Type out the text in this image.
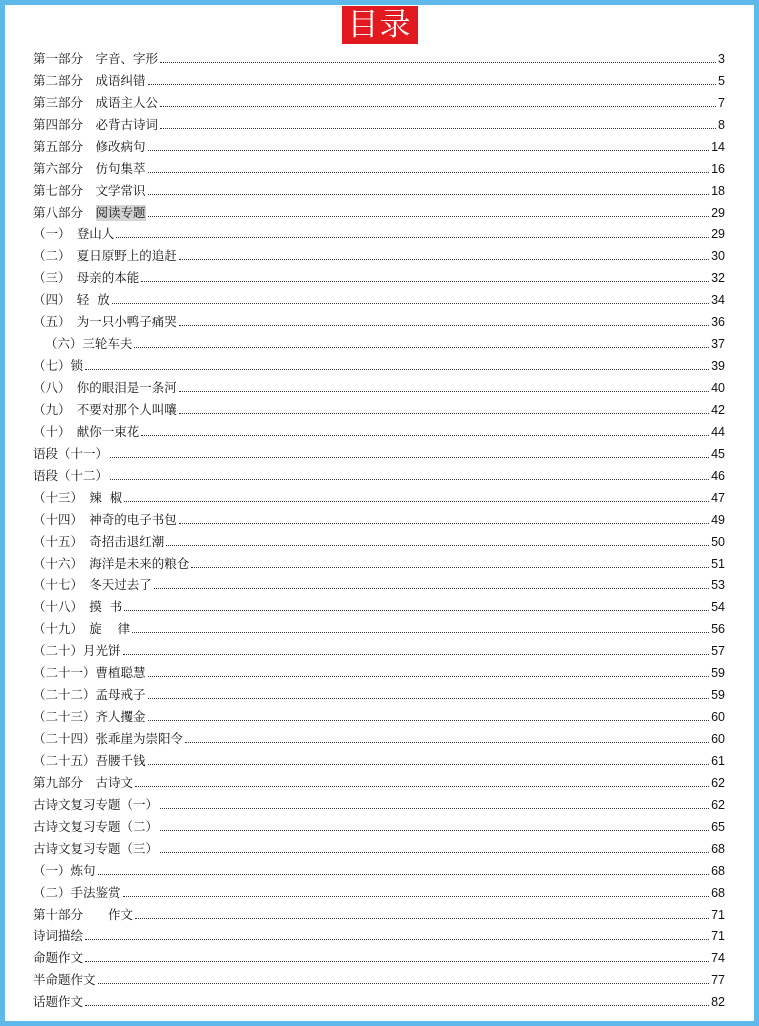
目录
第一部分　字音、字形	3
第二部分　成语纠错	5
第三部分　成语主人公	7
第四部分　必背古诗词	8
第五部分　修改病句	14
第六部分　仿句集萃	16
第七部分　文学常识	18
第八部分　 阅读专题	29
（一）　登山人	29
（二）　夏日原野上的追赶	30
（三）　母亲的本能	32
（四）　轻  放	34
（五）　为一只小鸭子痛哭	36
（六）三轮车夫	37
（七）锁	39
（八）　你的眼泪是一条河	40
（九）　不要对那个人叫嚷	42
（十）　献你一束花	44
语段（十一）	45
语段（十二）	46
（十三）　辣  椒	47
（十四）　神奇的电子书包	49
（十五）　奇招击退红潮	50
（十六）　海洋是未来的粮仓	51
（十七）　冬天过去了	53
（十八）　摸  书	54
（十九）　旋    律	56
（二十）月光饼	57
（二十一）曹植聪慧	59
（二十二）孟母戒子	59
（二十三）齐人攫金	60
（二十四）张乖崖为崇阳令	60
（二十五）吾腰千钱	61
第九部分　古诗文	62
古诗文复习专题（一）	62
古诗文复习专题（二）	65
古诗文复习专题（三）	68
（一）炼句	68
（二）手法鉴赏	68
第十部分　　作文	71
诗词描绘	71
命题作文	74
半命题作文	77
话题作文	82
